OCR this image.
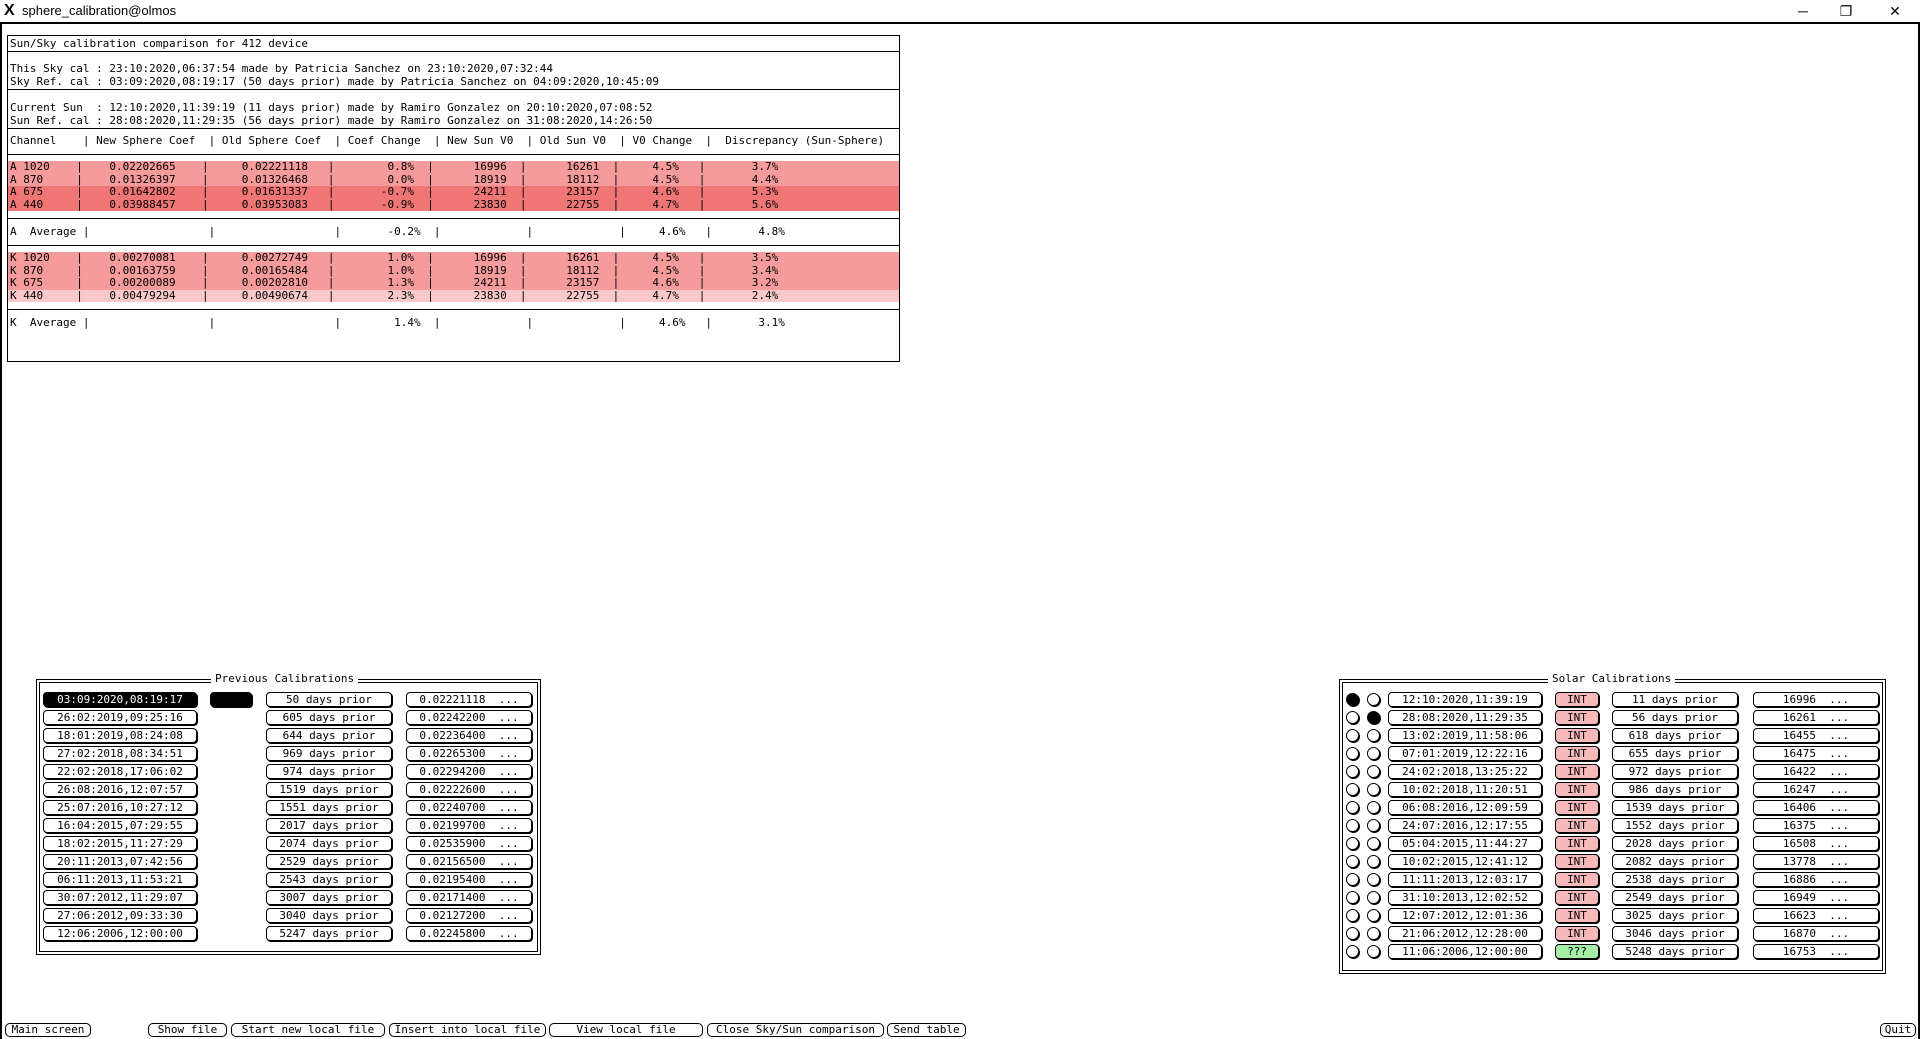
X sphere_calibration@olmos	─	❐	✕
Sun/Sky calibration comparison for 412 device
This Sky cal : 23:10:2020,06:37:54 made by Patricia Sanchez on 23:10:2020,07:32:44
Sky Ref. cal : 03:09:2020,08:19:17 (50 days prior) made by Patricia Sanchez on 04:09:2020,10:45:09
Current Sun  : 12:10:2020,11:39:19 (11 days prior) made by Ramiro Gonzalez on 20:10:2020,07:08:52
Sun Ref. cal : 28:08:2020,11:29:35 (56 days prior) made by Ramiro Gonzalez on 31:08:2020,14:26:50
Channel    | New Sphere Coef  | Old Sphere Coef  | Coef Change  | New Sun V0  | Old Sun V0  | V0 Change  |  Discrepancy (Sun-Sphere)
A 1020    |    0.02202665    |     0.02221118   |        0.8%  |      16996  |      16261  |     4.5%   |       3.7%
A 870     |    0.01326397    |     0.01326468   |        0.0%  |      18919  |      18112  |     4.5%   |       4.4%
A 675     |    0.01642802    |     0.01631337   |       -0.7%  |      24211  |      23157  |     4.6%   |       5.3%
A 440     |    0.03988457    |     0.03953083   |       -0.9%  |      23830  |      22755  |     4.7%   |       5.6%
A  Average |                  |                  |       -0.2%  |             |             |     4.6%   |       4.8%
K 1020    |    0.00270081    |     0.00272749   |        1.0%  |      16996  |      16261  |     4.5%   |       3.5%
K 870     |    0.00163759    |     0.00165484   |        1.0%  |      18919  |      18112  |     4.5%   |       3.4%
K 675     |    0.00200089    |     0.00202810   |        1.3%  |      24211  |      23157  |     4.6%   |       3.2%
K 440     |    0.00479294    |     0.00490674   |        2.3%  |      23830  |      22755  |     4.7%   |       2.4%
K  Average |                  |                  |        1.4%  |             |             |     4.6%   |       3.1%
Previous Calibrations
03:09:2020,08:19:17	50 days prior	0.02221118  ...
26:02:2019,09:25:16	605 days prior	0.02242200  ...
18:01:2019,08:24:08	644 days prior	0.02236400  ...
27:02:2018,08:34:51	969 days prior	0.02265300  ...
22:02:2018,17:06:02	974 days prior	0.02294200  ...
26:08:2016,12:07:57	1519 days prior	0.02222600  ...
25:07:2016,10:27:12	1551 days prior	0.02240700  ...
16:04:2015,07:29:55	2017 days prior	0.02199700  ...
18:02:2015,11:27:29	2074 days prior	0.02535900  ...
20:11:2013,07:42:56	2529 days prior	0.02156500  ...
06:11:2013,11:53:21	2543 days prior	0.02195400  ...
30:07:2012,11:29:07	3007 days prior	0.02171400  ...
27:06:2012,09:33:30	3040 days prior	0.02127200  ...
12:06:2006,12:00:00	5247 days prior	0.02245800  ...
Solar Calibrations
12:10:2020,11:39:19	INT	11 days prior	16996  ...
28:08:2020,11:29:35	INT	56 days prior	16261  ...
13:02:2019,11:58:06	INT	618 days prior	16455  ...
07:01:2019,12:22:16	INT	655 days prior	16475  ...
24:02:2018,13:25:22	INT	972 days prior	16422  ...
10:02:2018,11:20:51	INT	986 days prior	16247  ...
06:08:2016,12:09:59	INT	1539 days prior	16406  ...
24:07:2016,12:17:55	INT	1552 days prior	16375  ...
05:04:2015,11:44:27	INT	2028 days prior	16508  ...
10:02:2015,12:41:12	INT	2082 days prior	13778  ...
11:11:2013,12:03:17	INT	2538 days prior	16886  ...
31:10:2013,12:02:52	INT	2549 days prior	16949  ...
12:07:2012,12:01:36	INT	3025 days prior	16623  ...
21:06:2012,12:28:00	INT	3046 days prior	16870  ...
11:06:2006,12:00:00	???	5248 days prior	16753  ...
Main screen	Show file	Start new local file	Insert into local file	View local file	Close Sky/Sun comparison	Send table	Quit
